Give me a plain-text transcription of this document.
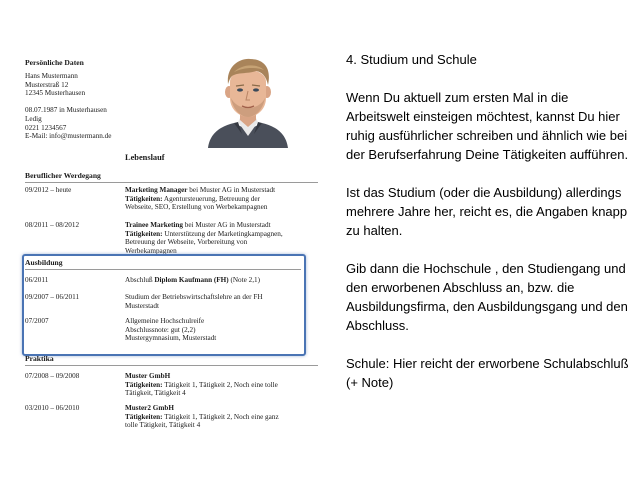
Persönliche Daten
Hans Mustermann
Musterstraß 12
12345 Musterhausen
08.07.1987 in Musterhausen
Ledig
0221 1234567
E-Mail: info@mustermann.de
Lebenslauf
Beruflicher Werdegang
09/2012 – heute	Marketing Manager bei Muster AG in Musterstadt
Tätigkeiten: Agentursteuerung, Betreuung der
Webseite, SEO, Erstellung von Werbekampagnen
08/2011 – 08/2012	Trainee Marketing bei Muster AG in Musterstadt
Tätigkeiten: Unterstützung der Marketingkampagnen,
Betreuung der Webseite, Vorbereitung von
Werbekampagnen
Ausbildung
06/2011	Abschluß Diplom Kaufmann (FH) (Note 2,1)
09/2007 – 06/2011	Studium der Betriebswirtschaftslehre an der FH
Musterstadt
07/2007	Allgemeine Hochschulreife
Abschlussnote: gut (2,2)
Mustergymnasium, Musterstadt
Praktika
07/2008 – 09/2008	Muster GmbH
Tätigkeiten: Tätigkeit 1, Tätigkeit 2, Noch eine tolle
Tätigkeit, Tätigkeit 4
03/2010 – 06/2010	Muster2 GmbH
Tätigkeiten: Tätigkeit 1, Tätigkeit 2, Noch eine ganz
tolle Tätigkeit, Tätigkeit 4

4. Studium und Schule

Wenn Du aktuell zum ersten Mal in die Arbeitswelt einsteigen möchtest, kannst Du hier ruhig ausführlicher schreiben und ähnlich wie bei der Berufserfahrung Deine Tätigkeiten aufführen.

Ist das Studium (oder die Ausbildung) allerdings mehrere Jahre her, reicht es, die Angaben knapp zu halten.

Gib dann die Hochschule , den Studiengang und den erworbenen Abschluss an, bzw. die Ausbildungsfirma, den Ausbildungsgang und den Abschluss.

Schule: Hier reicht der erworbene Schulabschluß (+ Note)
